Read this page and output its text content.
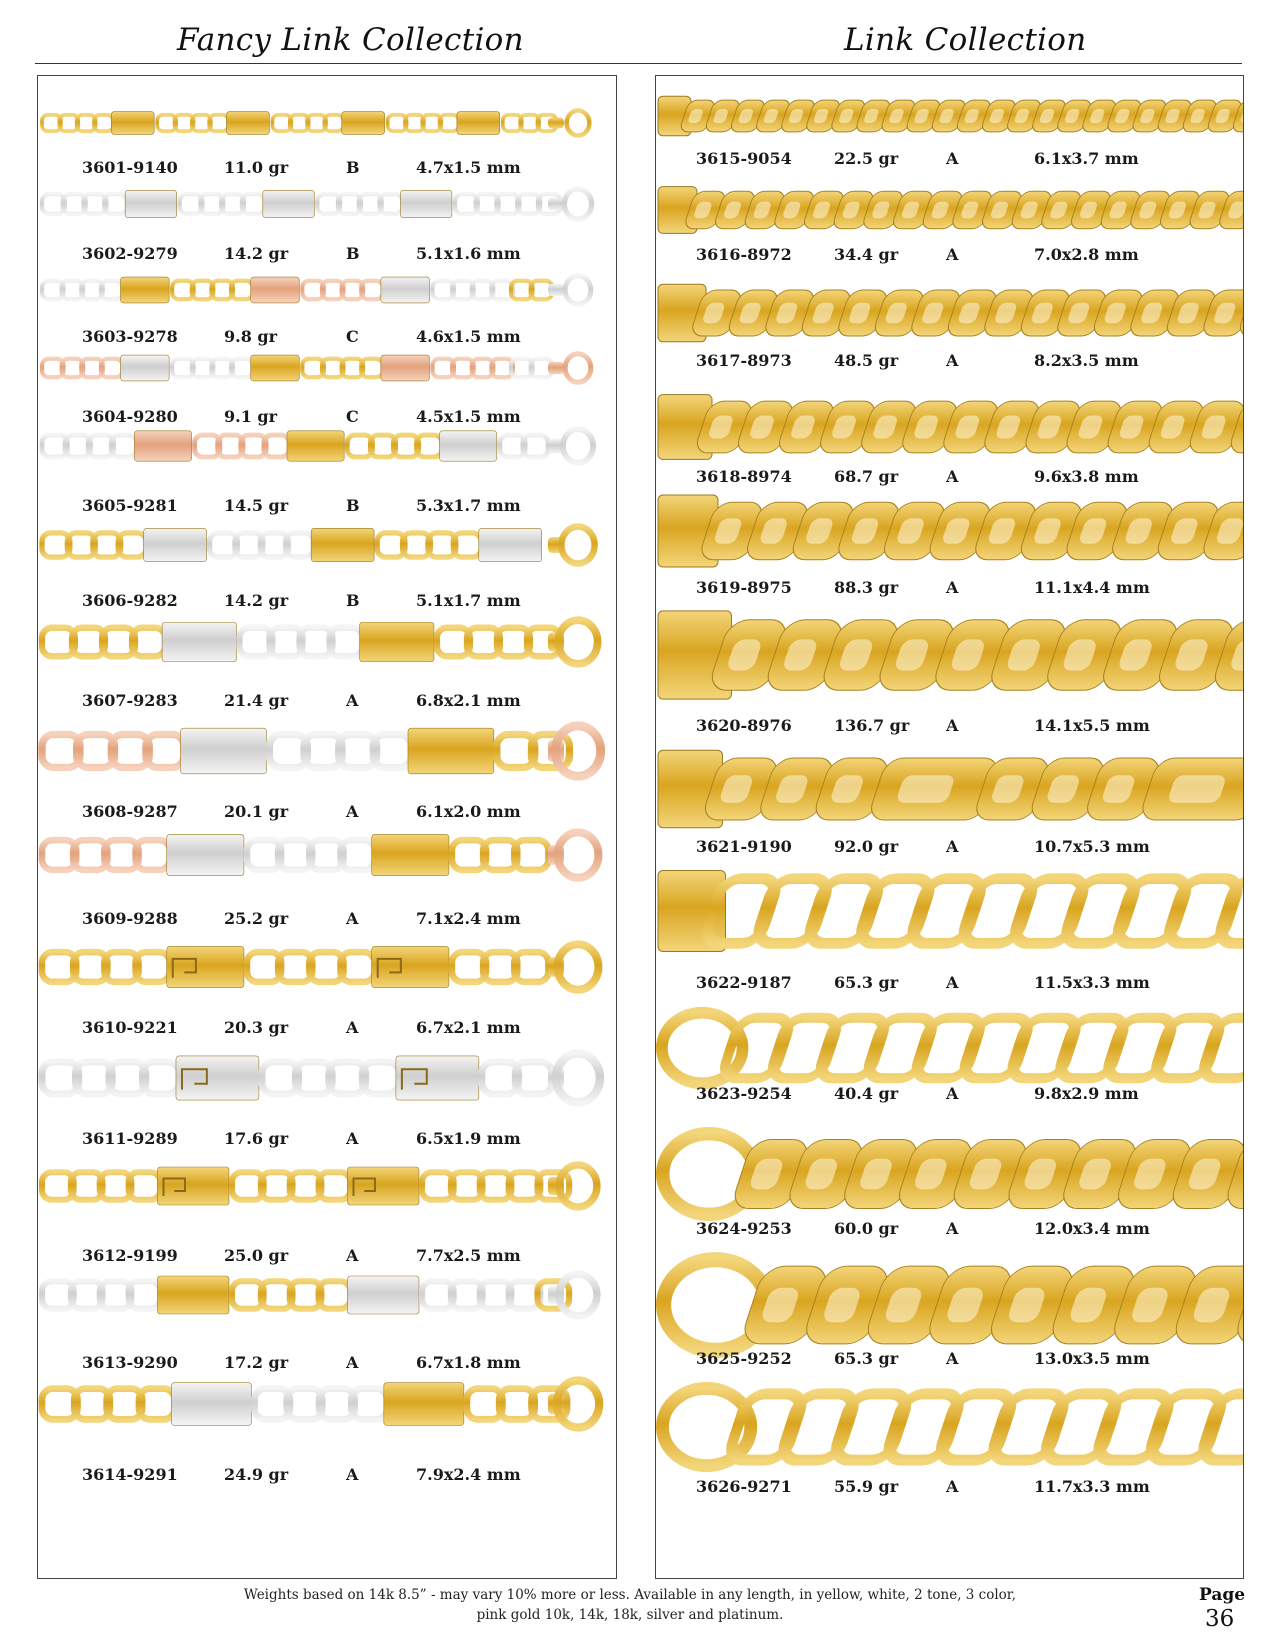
Fancy Link Collection	Link Collection
3601-9140	11.0 gr	B	4.7x1.5 mm
3602-9279	14.2 gr	B	5.1x1.6 mm
3603-9278	9.8 gr	C	4.6x1.5 mm
3604-9280	9.1 gr	C	4.5x1.5 mm
3605-9281	14.5 gr	B	5.3x1.7 mm
3606-9282	14.2 gr	B	5.1x1.7 mm
3607-9283	21.4 gr	A	6.8x2.1 mm
3608-9287	20.1 gr	A	6.1x2.0 mm
3609-9288	25.2 gr	A	7.1x2.4 mm
3610-9221	20.3 gr	A	6.7x2.1 mm
3611-9289	17.6 gr	A	6.5x1.9 mm
3612-9199	25.0 gr	A	7.7x2.5 mm
3613-9290	17.2 gr	A	6.7x1.8 mm
3614-9291	24.9 gr	A	7.9x2.4 mm
3615-9054	22.5 gr	A	6.1x3.7 mm
3616-8972	34.4 gr	A	7.0x2.8 mm
3617-8973	48.5 gr	A	8.2x3.5 mm
3618-8974	68.7 gr	A	9.6x3.8 mm
3619-8975	88.3 gr	A	11.1x4.4 mm
3620-8976	136.7 gr A	14.1x5.5 mm
3621-9190	92.0 gr	A	10.7x5.3 mm
3622-9187	65.3 gr	A	11.5x3.3 mm
3623-9254	40.4 gr	A	9.8x2.9 mm
3624-9253	60.0 gr	A	12.0x3.4 mm
3625-9252	65.3 gr	A	13.0x3.5 mm
3626-9271	55.9 gr	A	11.7x3.3 mm
Weights based on 14k 8.5” - may vary 10% more or less. Available in any length, in yellow, white, 2 tone, 3 color,
pink gold 10k, 14k, 18k, silver and platinum.
Page
36
